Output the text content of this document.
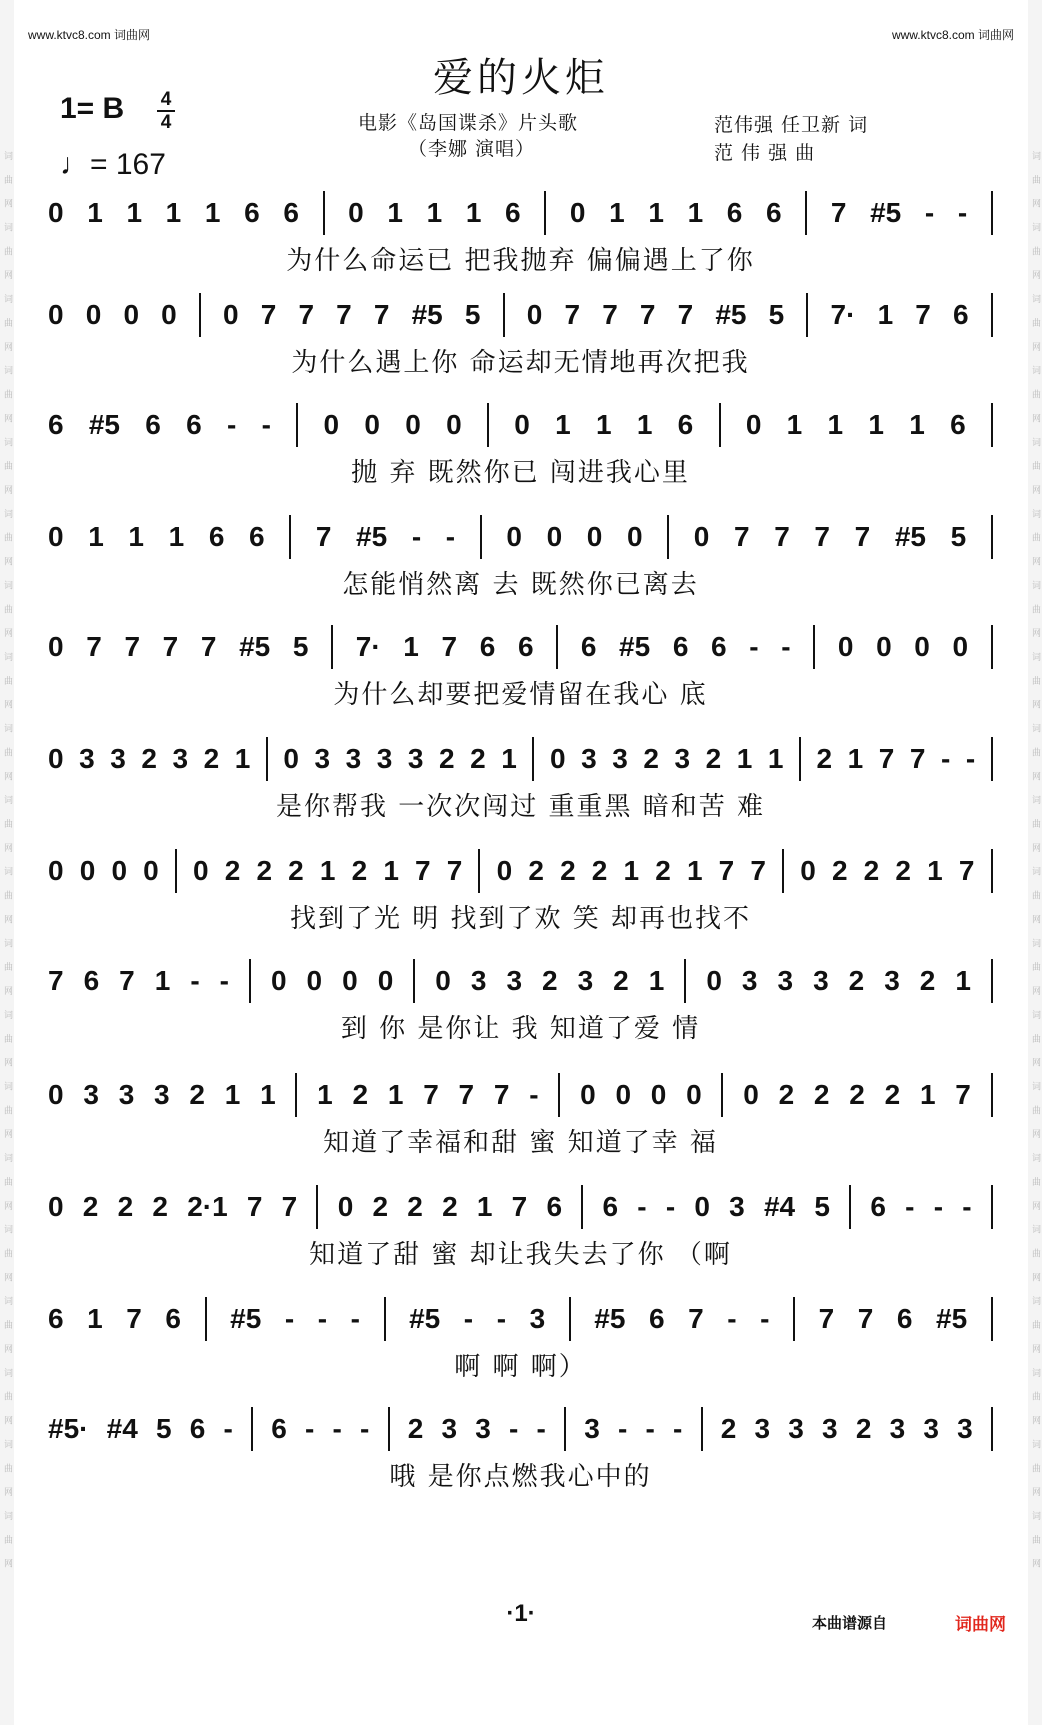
词 曲 网 词 曲 网 词 曲 网 词 曲 网 词 曲 网 词 曲 网 词 曲 网 词 曲 网 词 曲 网 词 曲 网 词 曲 网 词 曲 网 词 曲 网 词 曲 网 词 曲 网 词 曲 网 词 曲 网 词 曲 网 词 曲 网 词 曲 网	词 曲 网 词 曲 网 词 曲 网 词 曲 网 词 曲 网 词 曲 网 词 曲 网 词 曲 网 词 曲 网 词 曲 网 词 曲 网 词 曲 网 词 曲 网 词 曲 网 词 曲 网 词 曲 网 词 曲 网 词 曲 网 词 曲 网 词 曲 网
www.ktvc8.com 词曲网	www.ktvc8.com 词曲网
爱的火炬
1= B 4
4
♩= 167
电影《岛国谍杀》片头歌
（李娜 演唱）
范伟强 任卫新 词
范 伟 强 曲
0 1 1 1 1 6 6 0 1 1 1 6 0 1 1 1 6 6 7 #5 - -
为什么命运已 把我抛弃 偏偏遇上了你
0 0 0 0 0 7 7 7 7 #5 5 0 7 7 7 7 #5 5 7· 1 7 6
为什么遇上你 命运却无情地再次把我
6 #5 6 6 - - 0 0 0 0 0 1 1 1 6 0 1 1 1 1 6
抛 弃 既然你已 闯进我心里
0 1 1 1 6 6 7 #5 - - 0 0 0 0 0 7 7 7 7 #5 5
怎能悄然离 去 既然你已离去
0 7 7 7 7 #5 5 7· 1 7 6 6 6 #5 6 6 - - 0 0 0 0
为什么却要把爱情留在我心 底
0 3 3 2 3 2 1 0 3 3 3 3 2 2 1 0 3 3 2 3 2 1 1 2 1 7 7 - -
是你帮我 一次次闯过 重重黑 暗和苦 难
0 0 0 0 0 2 2 2 1 2 1 7 7 0 2 2 2 1 2 1 7 7 0 2 2 2 1 7
找到了光 明 找到了欢 笑 却再也找不
7 6 7 1 - - 0 0 0 0 0 3 3 2 3 2 1 0 3 3 3 2 3 2 1
到 你 是你让 我 知道了爱 情
0 3 3 3 2 1 1 1 2 1 7 7 7 - 0 0 0 0 0 2 2 2 2 1 7
知道了幸福和甜 蜜 知道了幸 福
0 2 2 2 2·1 7 7 0 2 2 2 1 7 6 6 - - 0 3 #4 5 6 - - -
知道了甜 蜜 却让我失去了你 （啊
6 1 7 6 #5 - - - #5 - - 3 #5 6 7 - - 7 7 6 #5
啊 啊 啊）
#5· #4 5 6 - 6 - - - 2 3 3 - - 3 - - - 2 3 3 3 2 3 3 3
哦 是你点燃我心中的
·1·	本曲谱源自	词曲网
